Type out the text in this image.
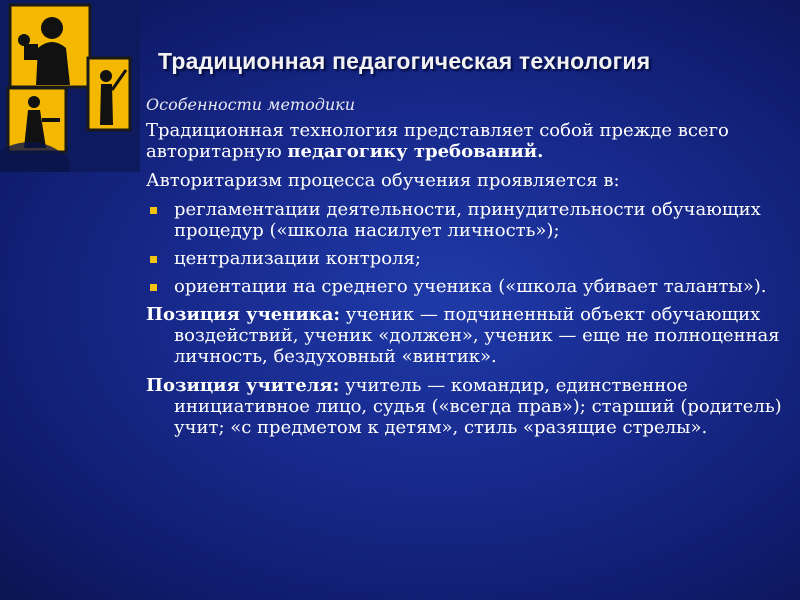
Традиционная педагогическая технология
Особенности методики

Традиционная технология представляет собой прежде всего авторитарную педагогику требований.

Авторитаризм процесса обучения проявляется в:

регламентации деятельности, принудительности обучающих процедур («школа насилует личность»);
централизации контроля;
ориентации на среднего ученика («школа убивает таланты»).

Позиция ученика: ученик — подчиненный объект обучающих воздействий, ученик «должен», ученик — еще не полноценная личность, бездуховный «винтик».

Позиция учителя: учитель — командир, единственное инициативное лицо, судья («всегда прав»); старший (родитель) учит; «с предметом к детям», стиль «разящие стрелы».
